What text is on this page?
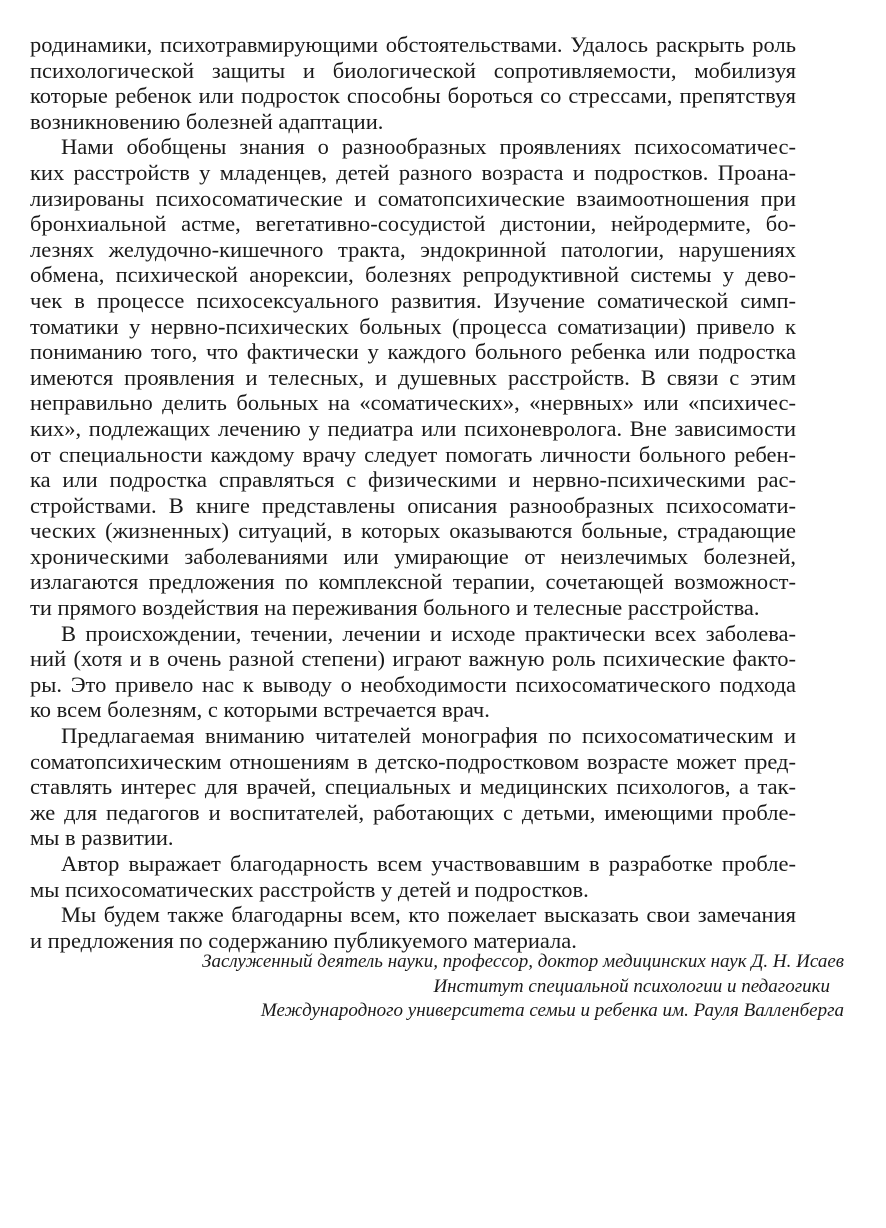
родинамики, психотравмирующими обстоятельствами. Удалось раскрыть роль
психологической защиты и биологической сопротивляемости, мобилизуя
которые ребенок или подросток способны бороться со стрессами, препятствуя
возникновению болезней адаптации.
Нами обобщены знания о разнообразных проявлениях психосоматичес-
ких расстройств у младенцев, детей разного возраста и подростков. Проана-
лизированы психосоматические и соматопсихические взаимоотношения при
бронхиальной астме, вегетативно-сосудистой дистонии, нейродермите, бо-
лезнях желудочно-кишечного тракта, эндокринной патологии, нарушениях
обмена, психической анорексии, болезнях репродуктивной системы у дево-
чек в процессе психосексуального развития. Изучение соматической симп-
томатики у нервно-психических больных (процесса соматизации) привело к
пониманию того, что фактически у каждого больного ребенка или подростка
имеются проявления и телесных, и душевных расстройств. В связи с этим
неправильно делить больных на «соматических», «нервных» или «психичес-
ких», подлежащих лечению у педиатра или психоневролога. Вне зависимости
от специальности каждому врачу следует помогать личности больного ребен-
ка или подростка справляться с физическими и нервно-психическими рас-
стройствами. В книге представлены описания разнообразных психосомати-
ческих (жизненных) ситуаций, в которых оказываются больные, страдающие
хроническими заболеваниями или умирающие от неизлечимых болезней,
излагаются предложения по комплексной терапии, сочетающей возможност-
ти прямого воздействия на переживания больного и телесные расстройства.
В происхождении, течении, лечении и исходе практически всех заболева-
ний (хотя и в очень разной степени) играют важную роль психические факто-
ры. Это привело нас к выводу о необходимости психосоматического подхода
ко всем болезням, с которыми встречается врач.
Предлагаемая вниманию читателей монография по психосоматическим и
соматопсихическим отношениям в детско-подростковом возрасте может пред-
ставлять интерес для врачей, специальных и медицинских психологов, а так-
же для педагогов и воспитателей, работающих с детьми, имеющими пробле-
мы в развитии.
Автор выражает благодарность всем участвовавшим в разработке пробле-
мы психосоматических расстройств у детей и подростков.
Мы будем также благодарны всем, кто пожелает высказать свои замечания
и предложения по содержанию публикуемого материала.
Заслуженный деятель науки, профессор, доктор медицинских наук Д. Н. Исаев
Институт специальной психологии и педагогики
Международного университета семьи и ребенка им. Рауля Валленберга
